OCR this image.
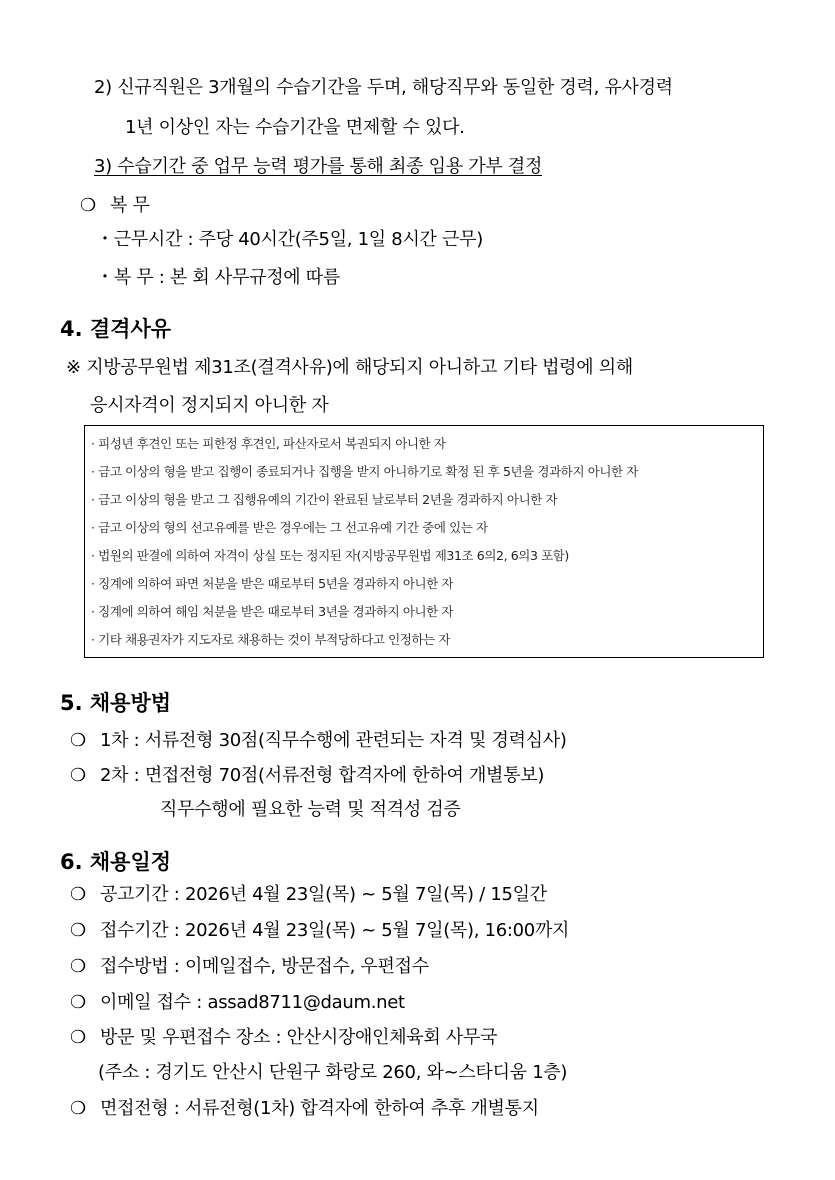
2) 신규직원은 3개월의 수습기간을 두며, 해당직무와 동일한 경력, 유사경력
1년 이상인 자는 수습기간을 면제할 수 있다.
3) 수습기간 중 업무 능력 평가를 통해 최종 임용 가부 결정
❍ 복 무
・근무시간 : 주당 40시간(주5일, 1일 8시간 근무)
・복 무 : 본 회 사무규정에 따름
4. 결격사유
※ 지방공무원법 제31조(결격사유)에 해당되지 아니하고 기타 법령에 의해
응시자격이 정지되지 아니한 자
· 피성년 후견인 또는 피한정 후견인, 파산자로서 복권되지 아니한 자
· 금고 이상의 형을 받고 집행이 종료되거나 집행을 받지 아니하기로 확정 된 후 5년을 경과하지 아니한 자
· 금고 이상의 형을 받고 그 집행유예의 기간이 완료된 날로부터 2년을 경과하지 아니한 자
· 금고 이상의 형의 선고유예를 받은 경우에는 그 선고유예 기간 중에 있는 자
· 법원의 판결에 의하여 자격이 상실 또는 정지된 자(지방공무원법 제31조 6의2, 6의3 포함)
· 징계에 의하여 파면 처분을 받은 때로부터 5년을 경과하지 아니한 자
· 징계에 의하여 해임 처분을 받은 때로부터 3년을 경과하지 아니한 자
· 기타 채용권자가 지도자로 채용하는 것이 부적당하다고 인정하는 자
5. 채용방법
❍ 1차 : 서류전형 30점(직무수행에 관련되는 자격 및 경력심사)
❍ 2차 : 면접전형 70점(서류전형 합격자에 한하여 개별통보)
직무수행에 필요한 능력 및 적격성 검증
6. 채용일정
❍ 공고기간 : 2026년 4월 23일(목) ~ 5월 7일(목) / 15일간
❍ 접수기간 : 2026년 4월 23일(목) ~ 5월 7일(목), 16:00까지
❍ 접수방법 : 이메일접수, 방문접수, 우편접수
❍ 이메일 접수 : assad8711@daum.net
❍ 방문 및 우편접수 장소 : 안산시장애인체육회 사무국
(주소 : 경기도 안산시 단원구 화랑로 260, 와~스타디움 1층)
❍ 면접전형 : 서류전형(1차) 합격자에 한하여 추후 개별통지
